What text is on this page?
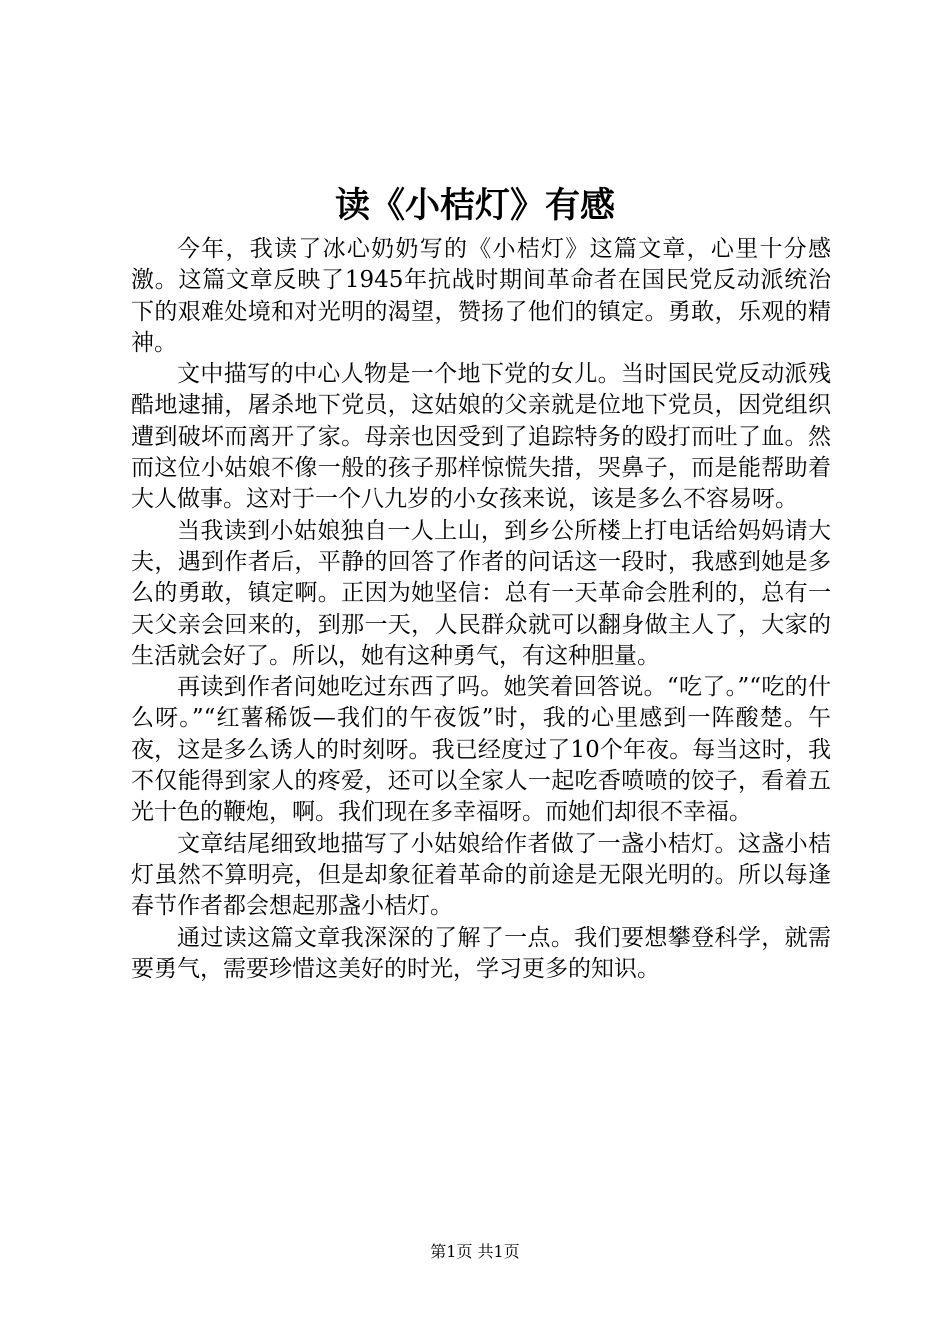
读《小桔灯》有感

今年，我读了冰心奶奶写的《小桔灯》这篇文章，心里十分感激。这篇文章反映了1945年抗战时期间革命者在国民党反动派统治下的艰难处境和对光明的渴望，赞扬了他们的镇定。勇敢，乐观的精神。

文中描写的中心人物是一个地下党的女儿。当时国民党反动派残酷地逮捕，屠杀地下党员，这姑娘的父亲就是位地下党员，因党组织遭到破坏而离开了家。母亲也因受到了追踪特务的殴打而吐了血。然而这位小姑娘不像一般的孩子那样惊慌失措，哭鼻子，而是能帮助着大人做事。这对于一个八九岁的小女孩来说，该是多么不容易呀。

当我读到小姑娘独自一人上山，到乡公所楼上打电话给妈妈请大夫，遇到作者后，平静的回答了作者的问话这一段时，我感到她是多么的勇敢，镇定啊。正因为她坚信：总有一天革命会胜利的，总有一天父亲会回来的，到那一天，人民群众就可以翻身做主人了，大家的生活就会好了。所以，她有这种勇气，有这种胆量。

再读到作者问她吃过东西了吗。她笑着回答说。“吃了。”“吃的什么呀。”“红薯稀饭—我们的午夜饭”时，我的心里感到一阵酸楚。午夜，这是多么诱人的时刻呀。我已经度过了10个年夜。每当这时，我不仅能得到家人的疼爱，还可以全家人一起吃香喷喷的饺子，看着五光十色的鞭炮，啊。我们现在多幸福呀。而她们却很不幸福。

文章结尾细致地描写了小姑娘给作者做了一盏小桔灯。这盏小桔灯虽然不算明亮，但是却象征着革命的前途是无限光明的。所以每逢春节作者都会想起那盏小桔灯。

通过读这篇文章我深深的了解了一点。我们要想攀登科学，就需要勇气，需要珍惜这美好的时光，学习更多的知识。

第1页 共1页
